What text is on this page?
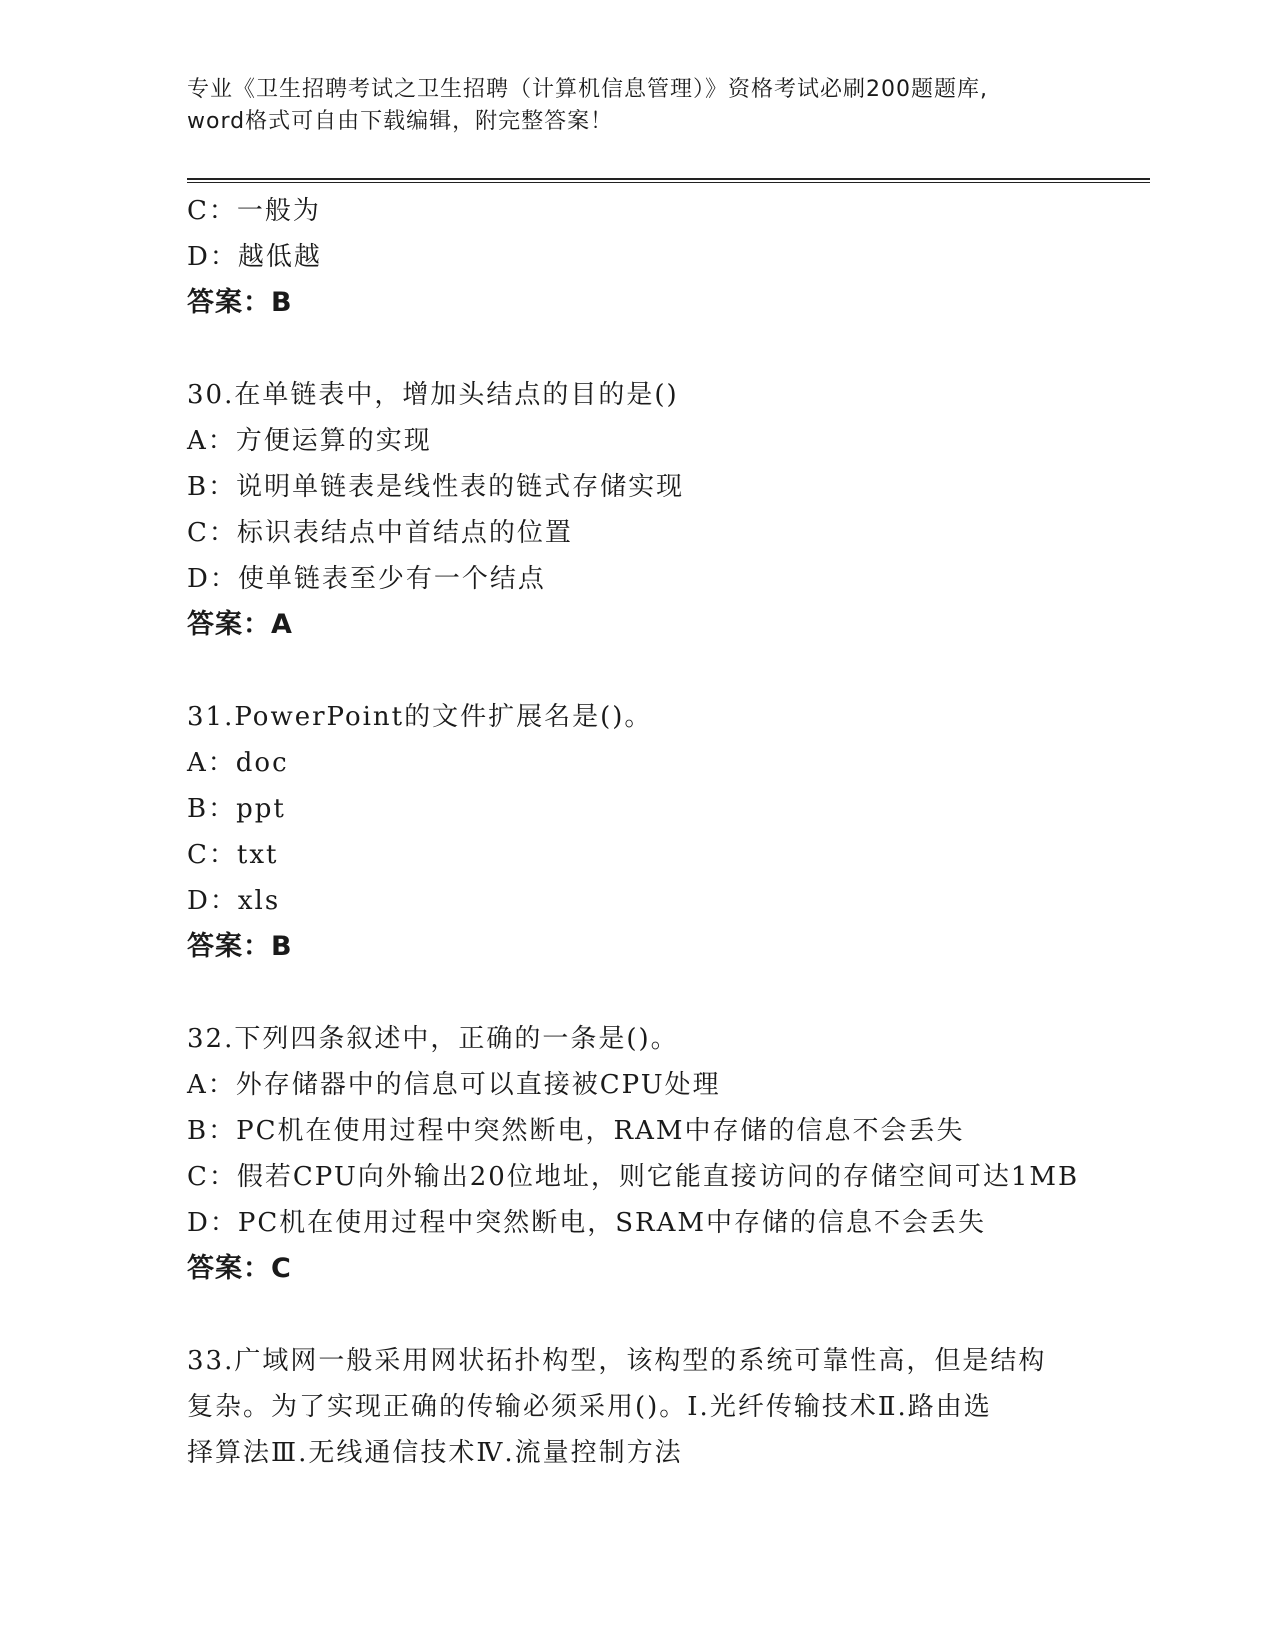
专业《卫生招聘考试之卫生招聘（计算机信息管理）》资格考试必刷200题题库,
word格式可自由下载编辑，附完整答案！
C：一般为
D：越低越
答案：B
30.在单链表中，增加头结点的目的是()
A：方便运算的实现
B：说明单链表是线性表的链式存储实现
C：标识表结点中首结点的位置
D：使单链表至少有一个结点
答案：A
31.PowerPoint的文件扩展名是()。
A：doc
B：ppt
C：txt
D：xls
答案：B
32.下列四条叙述中，正确的一条是()。
A：外存储器中的信息可以直接被CPU处理
B：PC机在使用过程中突然断电，RAM中存储的信息不会丢失
C：假若CPU向外输出20位地址，则它能直接访问的存储空间可达1MB
D：PC机在使用过程中突然断电，SRAM中存储的信息不会丢失
答案：C
33.广域网一般采用网状拓扑构型，该构型的系统可靠性高，但是结构
复杂。为了实现正确的传输必须采用()。Ⅰ.光纤传输技术Ⅱ.路由选
择算法Ⅲ.无线通信技术Ⅳ.流量控制方法
